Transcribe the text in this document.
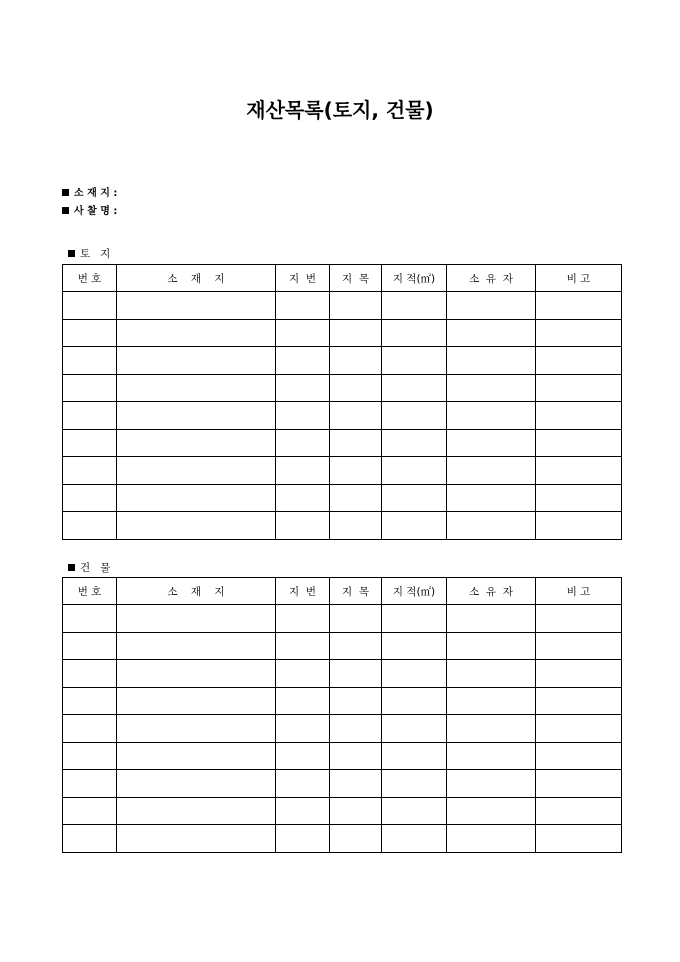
재산목록(토지, 건물)
소 재 지 :
사 찰 명 :
토   지
번 호	소    재    지	지  번	지  목	지 적(㎡)	소  유  자	비 고

건   물
번 호	소    재    지	지  번	지  목	지 적(㎡)	소  유  자	비 고
